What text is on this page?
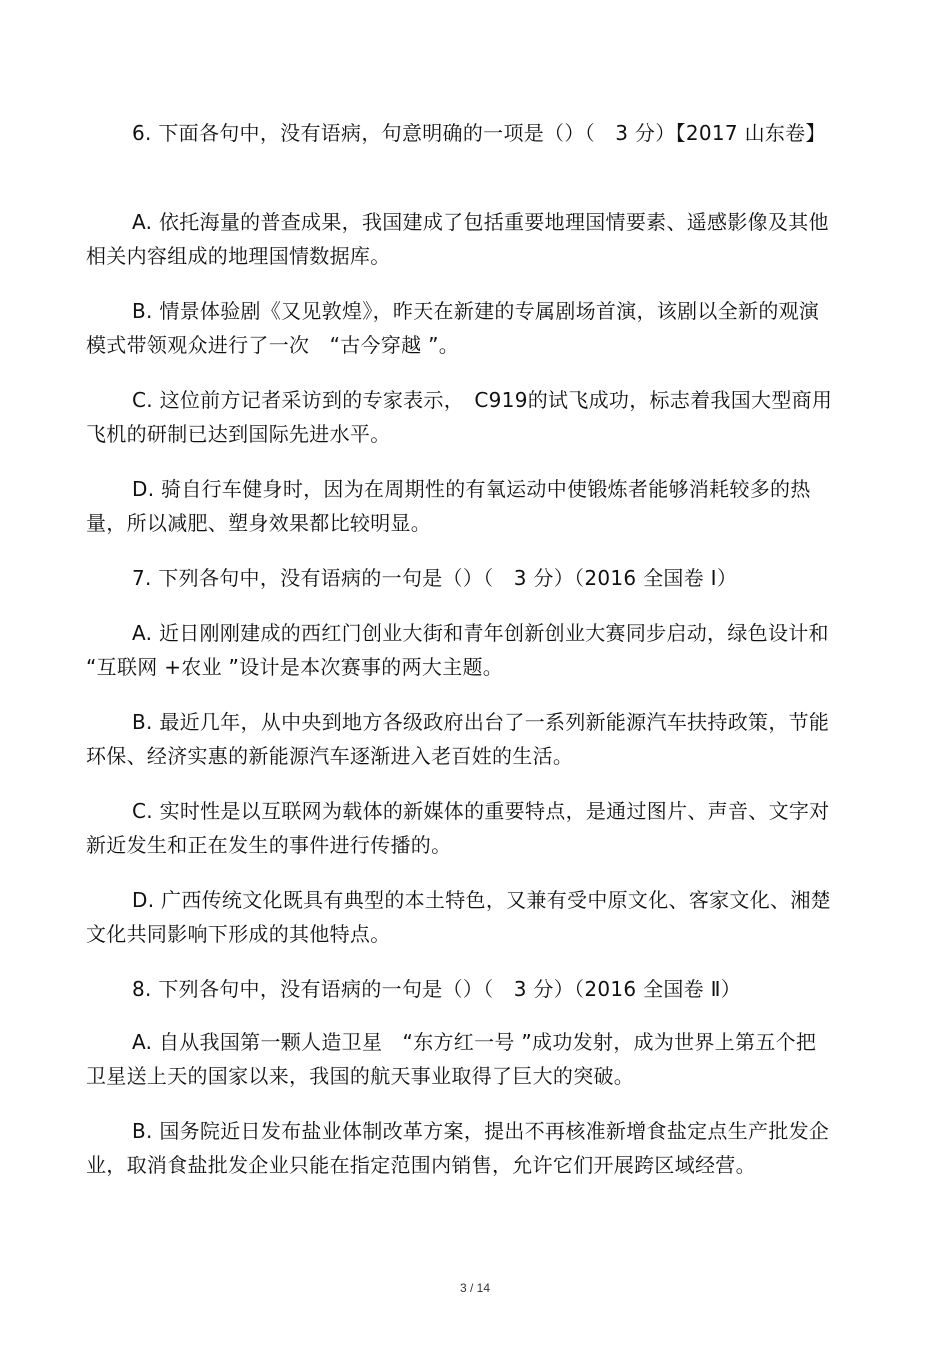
6. 下面各句中，没有语病，句意明确的一项是（）（　3 分）【2017 山东卷】

A. 依托海量的普查成果，我国建成了包括重要地理国情要素、遥感影像及其他相关内容组成的地理国情数据库。

B. 情景体验剧《又见敦煌》，昨天在新建的专属剧场首演，该剧以全新的观演模式带领观众进行了一次　“古今穿越 ”。

C. 这位前方记者采访到的专家表示，　C919的试飞成功，标志着我国大型商用飞机的研制已达到国际先进水平。

D. 骑自行车健身时，因为在周期性的有氧运动中使锻炼者能够消耗较多的热量，所以减肥、塑身效果都比较明显。

7. 下列各句中，没有语病的一句是（）（　3 分）（2016 全国卷 Ⅰ）

A. 近日刚刚建成的西红门创业大街和青年创新创业大赛同步启动，绿色设计和 “互联网 +农业 ”设计是本次赛事的两大主题。

B. 最近几年，从中央到地方各级政府出台了一系列新能源汽车扶持政策，节能环保、经济实惠的新能源汽车逐渐进入老百姓的生活。

C. 实时性是以互联网为载体的新媒体的重要特点，是通过图片、声音、文字对新近发生和正在发生的事件进行传播的。

D. 广西传统文化既具有典型的本土特色，又兼有受中原文化、客家文化、湘楚文化共同影响下形成的其他特点。

8. 下列各句中，没有语病的一句是（）（　3 分）（2016 全国卷 Ⅱ）

A. 自从我国第一颗人造卫星　“东方红一号 ”成功发射，成为世界上第五个把卫星送上天的国家以来，我国的航天事业取得了巨大的突破。

B. 国务院近日发布盐业体制改革方案，提出不再核准新增食盐定点生产批发企业，取消食盐批发企业只能在指定范围内销售，允许它们开展跨区域经营。

3 / 14
